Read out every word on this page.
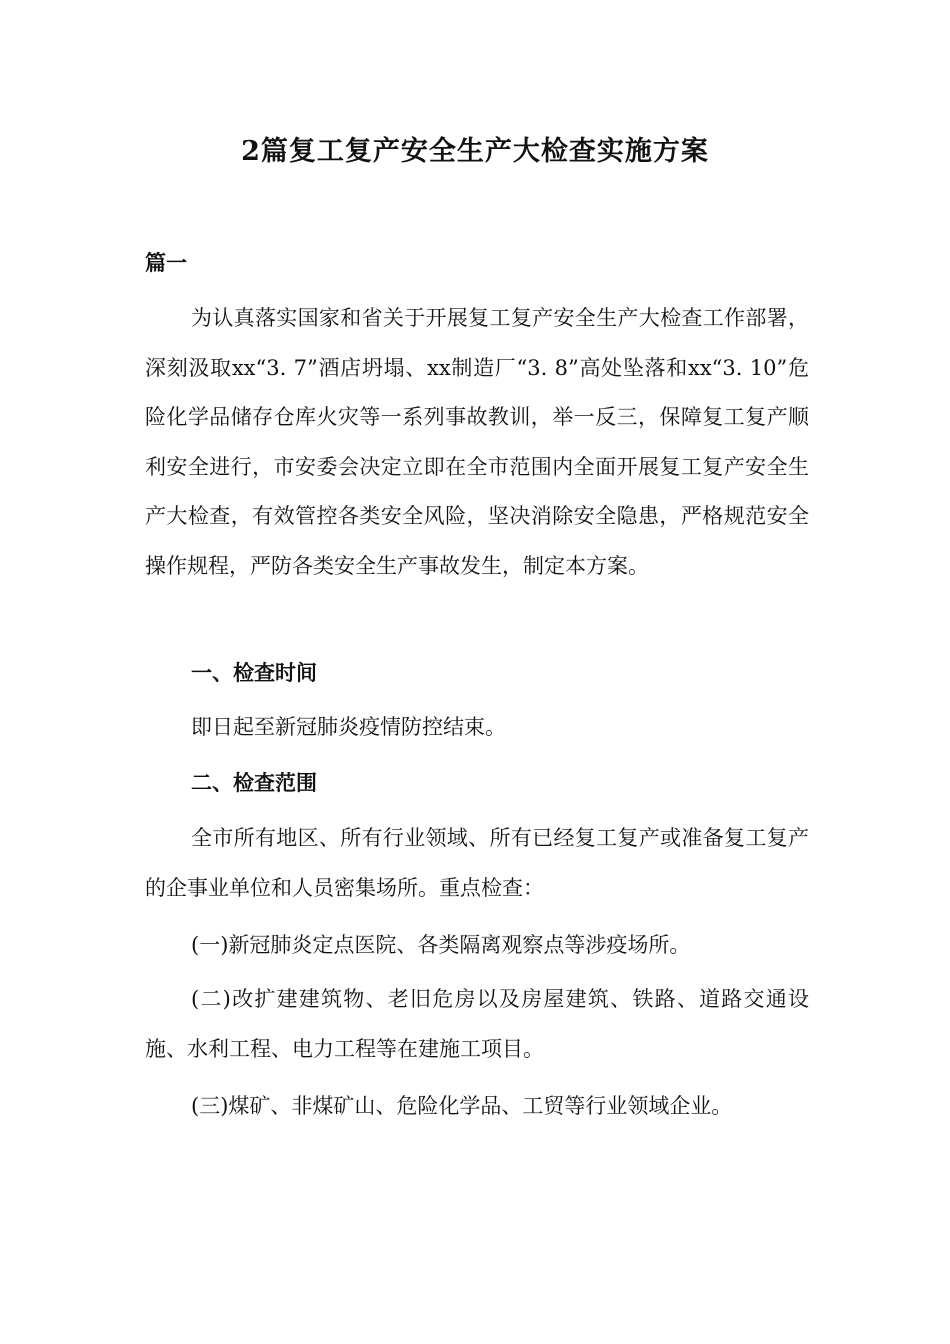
2篇复工复产安全生产大检查实施方案
篇一
为认真落实国家和省关于开展复工复产安全生产大检查工作部署，深刻汲取xx“3. 7”酒店坍塌、xx制造厂“3. 8”高处坠落和xx“3. 10”危险化学品储存仓库火灾等一系列事故教训，举一反三，保障复工复产顺利安全进行，市安委会决定立即在全市范围内全面开展复工复产安全生产大检查，有效管控各类安全风险，坚决消除安全隐患，严格规范安全操作规程，严防各类安全生产事故发生，制定本方案。
一、检查时间
即日起至新冠肺炎疫情防控结束。
二、检查范围
全市所有地区、所有行业领域、所有已经复工复产或准备复工复产的企事业单位和人员密集场所。重点检查：
(一)新冠肺炎定点医院、各类隔离观察点等涉疫场所。
(二)改扩建建筑物、老旧危房以及房屋建筑、铁路、道路交通设施、水利工程、电力工程等在建施工项目。
(三)煤矿、非煤矿山、危险化学品、工贸等行业领域企业。
